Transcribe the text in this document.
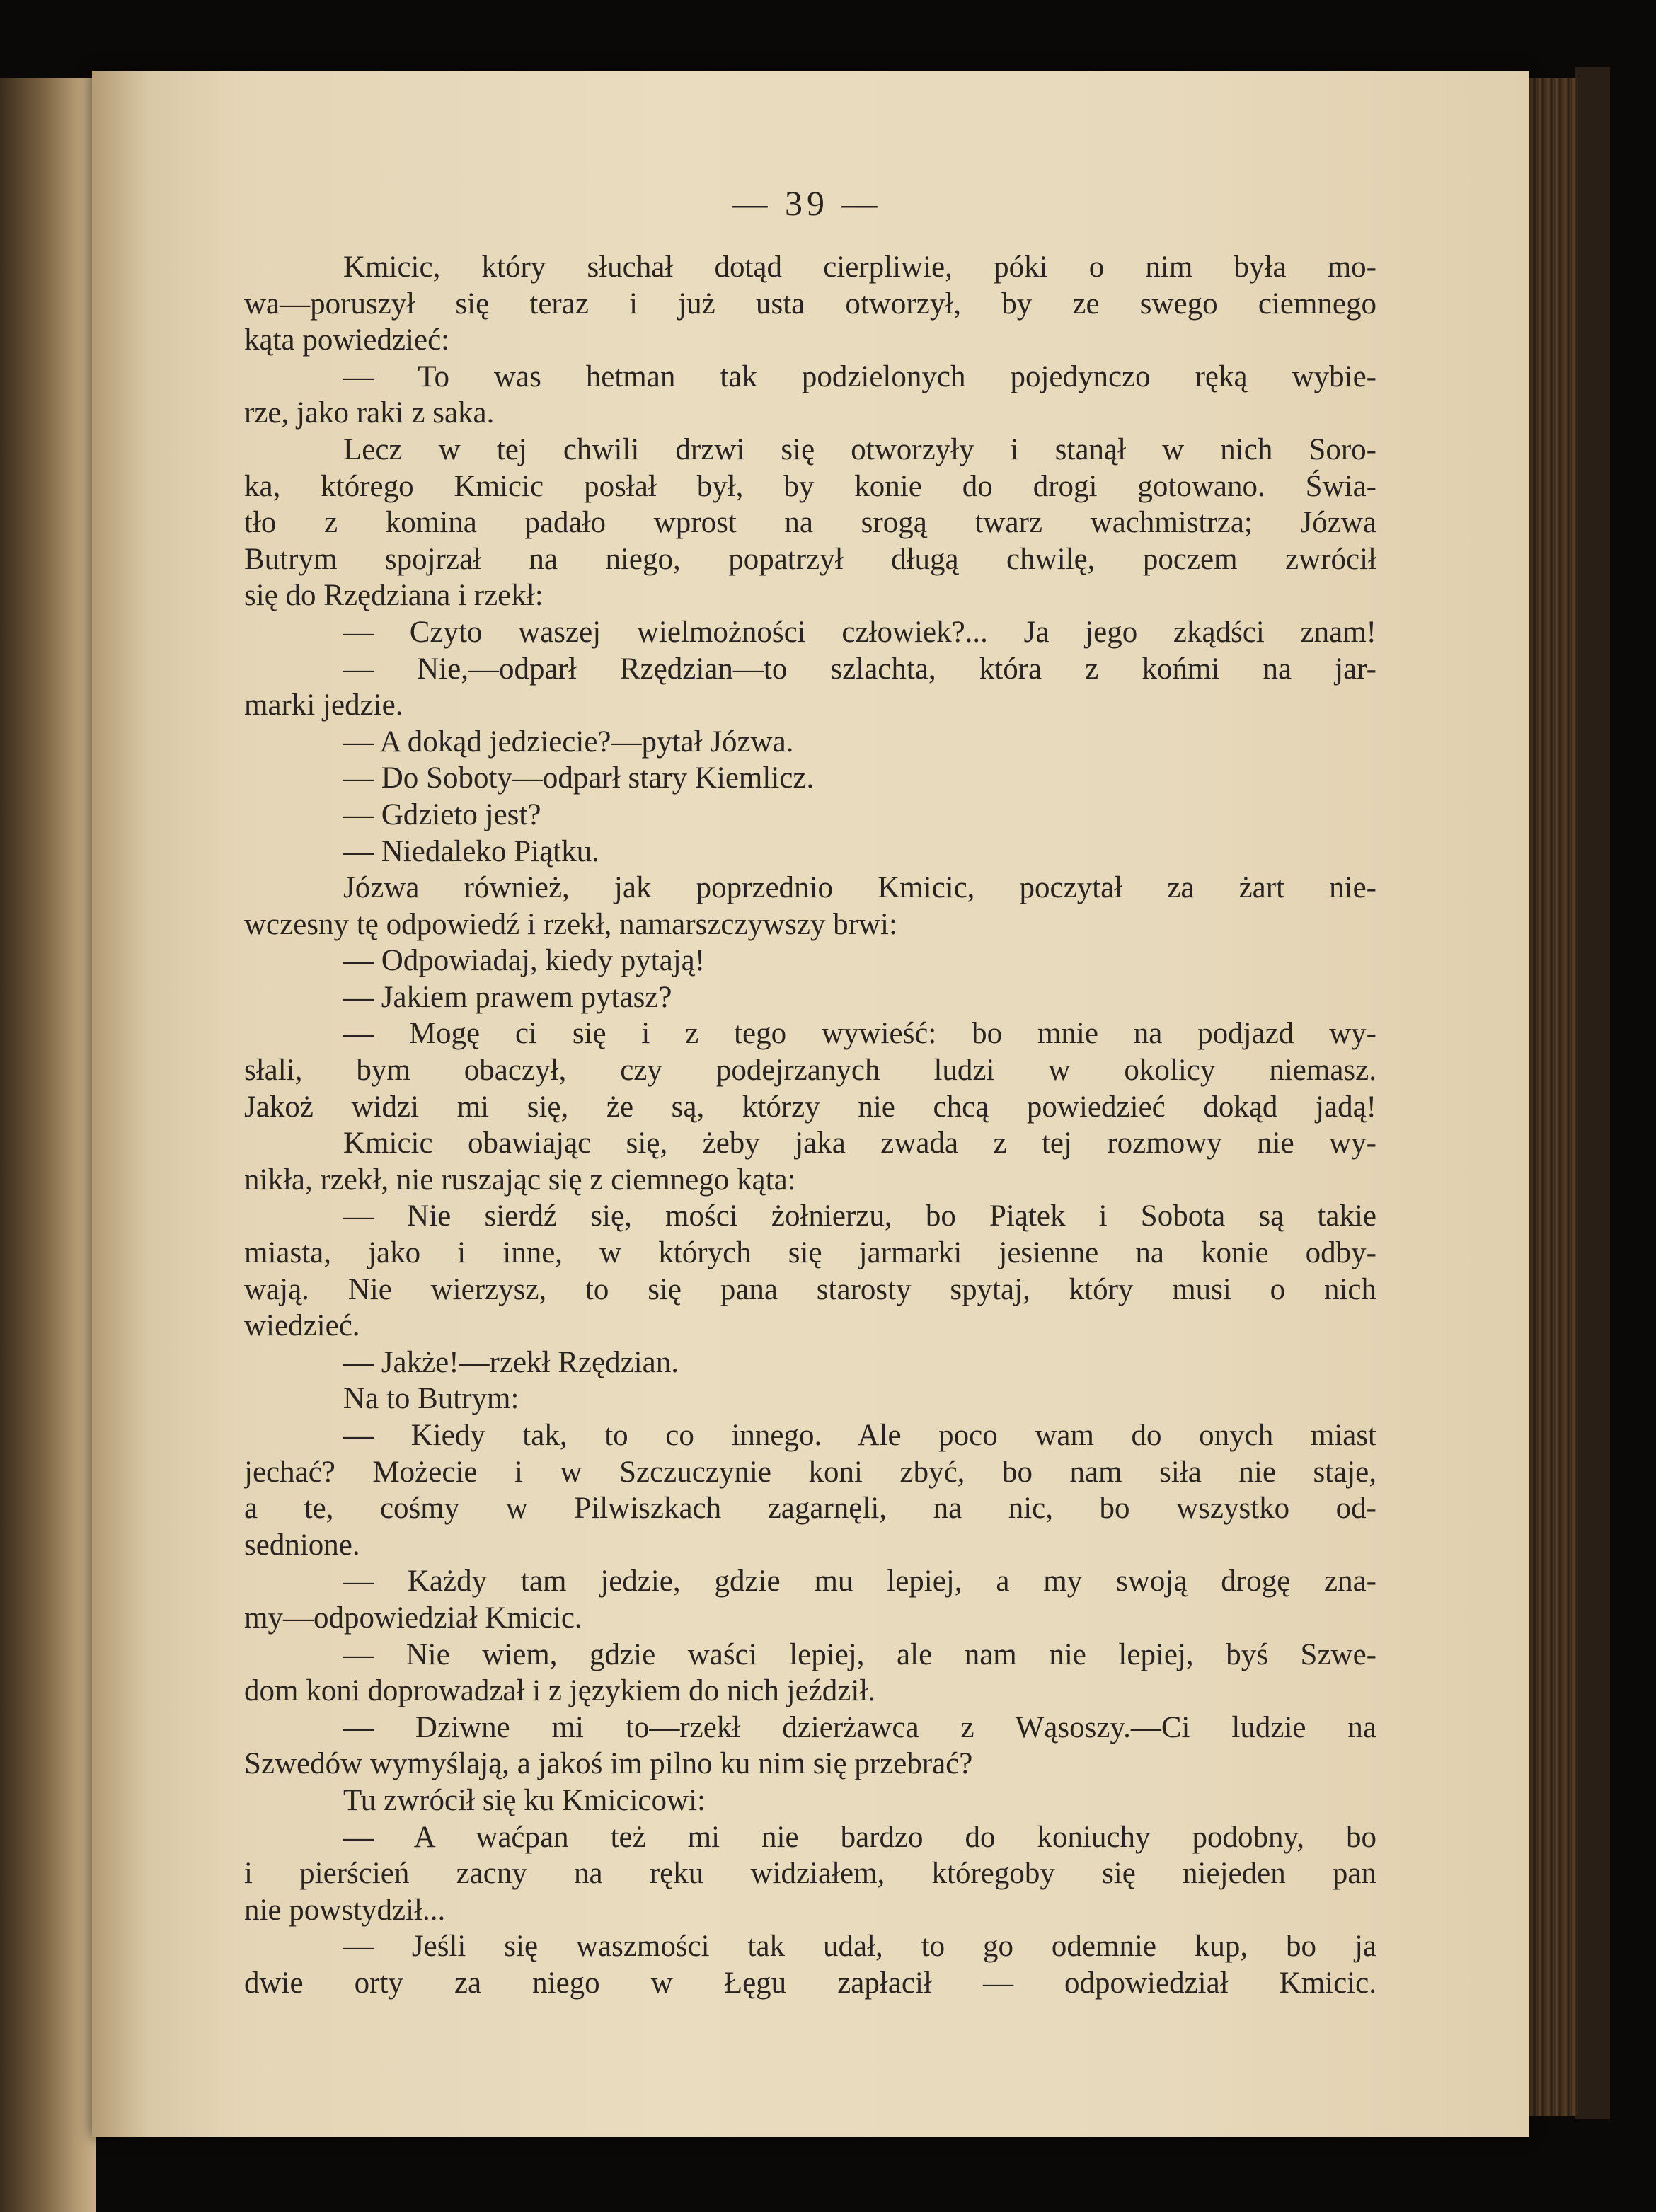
— 39 —
Kmicic, który słuchał dotąd cierpliwie, póki o nim była mo-
wa—poruszył się teraz i już usta otworzył, by ze swego ciemnego
kąta powiedzieć:
— To was hetman tak podzielonych pojedynczo ręką wybie-
rze, jako raki z saka.
Lecz w tej chwili drzwi się otworzyły i stanął w nich Soro-
ka, którego Kmicic posłał był, by konie do drogi gotowano. Świa-
tło z komina padało wprost na srogą twarz wachmistrza; Józwa
Butrym spojrzał na niego, popatrzył długą chwilę, poczem zwrócił
się do Rzędziana i rzekł:
— Czyto waszej wielmożności człowiek?... Ja jego zkądści znam!
— Nie,—odparł Rzędzian—to szlachta, która z końmi na jar-
marki jedzie.
— A dokąd jedziecie?—pytał Józwa.
— Do Soboty—odparł stary Kiemlicz.
— Gdzieto jest?
— Niedaleko Piątku.
Józwa również, jak poprzednio Kmicic, poczytał za żart nie-
wczesny tę odpowiedź i rzekł, namarszczywszy brwi:
— Odpowiadaj, kiedy pytają!
— Jakiem prawem pytasz?
— Mogę ci się i z tego wywieść: bo mnie na podjazd wy-
słali, bym obaczył, czy podejrzanych ludzi w okolicy niemasz.
Jakoż widzi mi się, że są, którzy nie chcą powiedzieć dokąd jadą!
Kmicic obawiając się, żeby jaka zwada z tej rozmowy nie wy-
nikła, rzekł, nie ruszając się z ciemnego kąta:
— Nie sierdź się, mości żołnierzu, bo Piątek i Sobota są takie
miasta, jako i inne, w których się jarmarki jesienne na konie odby-
wają. Nie wierzysz, to się pana starosty spytaj, który musi o nich
wiedzieć.
— Jakże!—rzekł Rzędzian.
Na to Butrym:
— Kiedy tak, to co innego. Ale poco wam do onych miast
jechać? Możecie i w Szczuczynie koni zbyć, bo nam siła nie staje,
a te, cośmy w Pilwiszkach zagarnęli, na nic, bo wszystko od-
sednione.
— Każdy tam jedzie, gdzie mu lepiej, a my swoją drogę zna-
my—odpowiedział Kmicic.
— Nie wiem, gdzie waści lepiej, ale nam nie lepiej, byś Szwe-
dom koni doprowadzał i z językiem do nich jeździł.
— Dziwne mi to—rzekł dzierżawca z Wąsoszy.—Ci ludzie na
Szwedów wymyślają, a jakoś im pilno ku nim się przebrać?
Tu zwrócił się ku Kmicicowi:
— A waćpan też mi nie bardzo do koniuchy podobny, bo
i pierścień zacny na ręku widziałem, któregoby się niejeden pan
nie powstydził...
— Jeśli się waszmości tak udał, to go odemnie kup, bo ja
dwie orty za niego w Łęgu zapłacił — odpowiedział Kmicic.
